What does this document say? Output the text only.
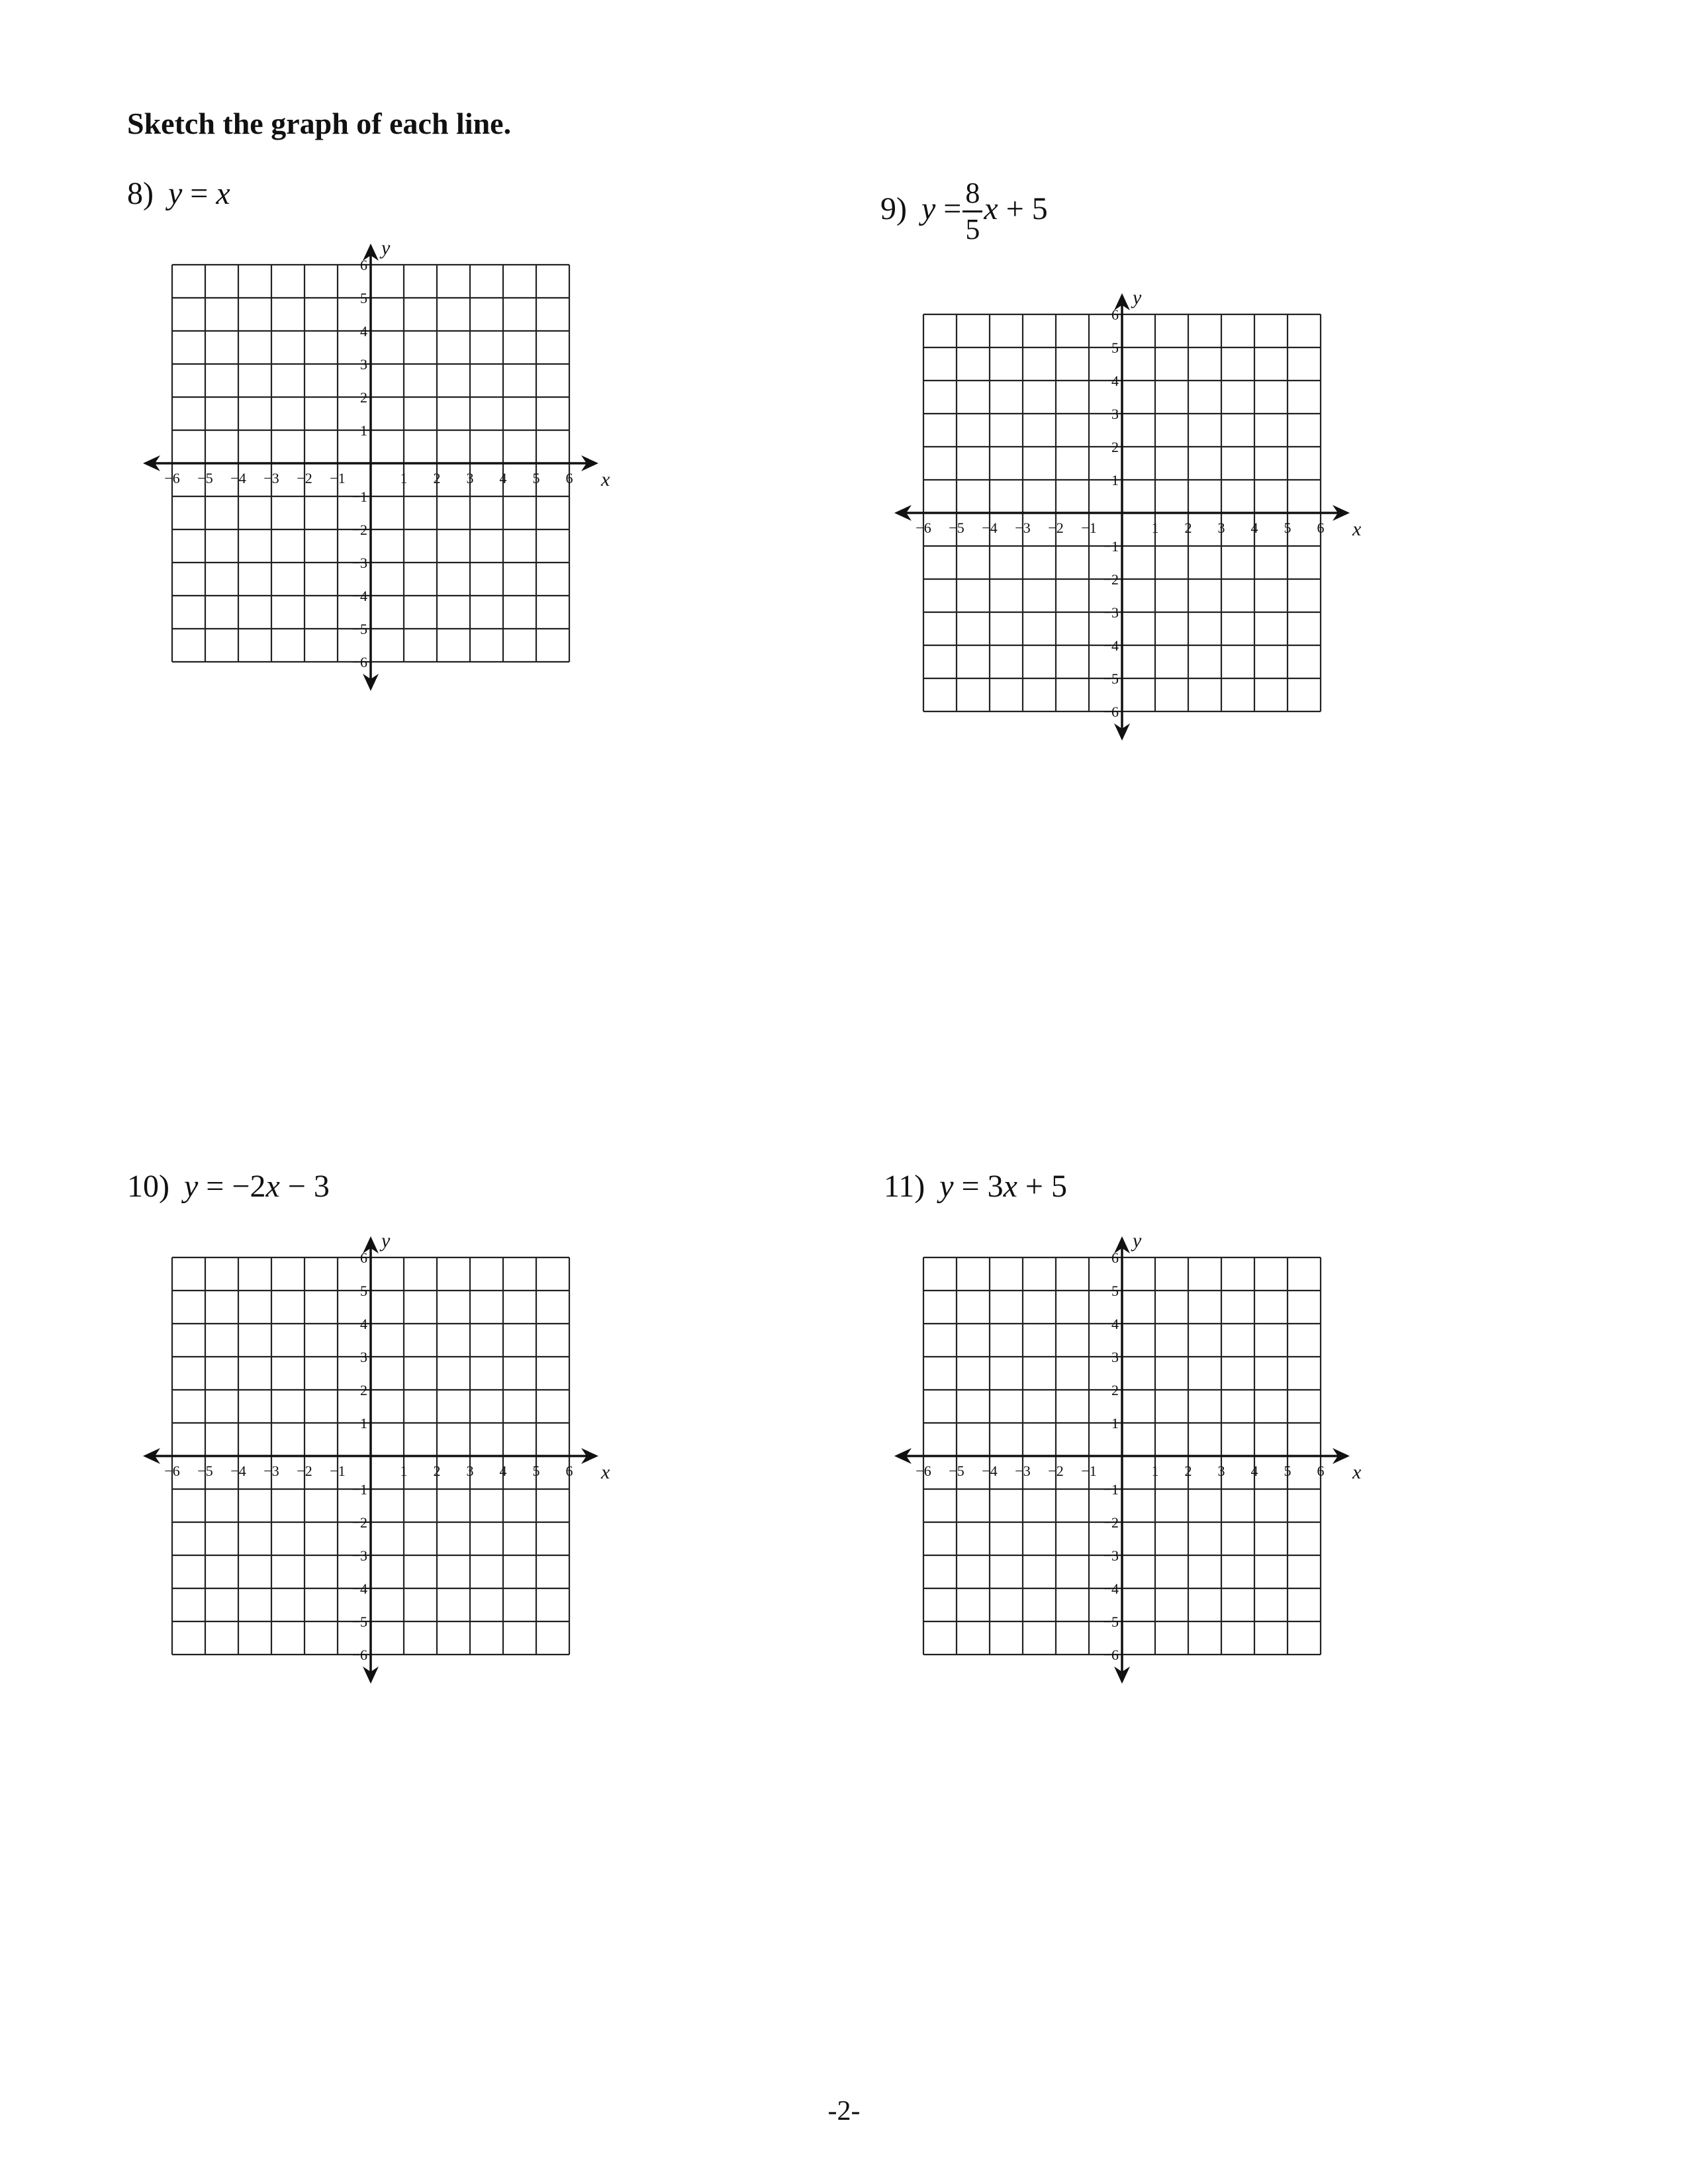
Sketch the graph of each line.
8) y = x	9) $y = \frac{8}{5}$ x + 5
10) y = −2x − 3	11) y = 3x + 5
−6 −5 −4 −3 −2 −1	1 2 3 4 5 6
−6
−5
−4
−3
−2
−1
1
2
3
4
5
6
x
y
−6 −5 −4 −3 −2 −1	1 2 3 4 5 6
−6
−5
−4
−3
−2
−1
1
2
3
4
5
6
x
y
−6 −5 −4 −3 −2 −1	1 2 3 4 5 6
−6
−5
−4
−3
−2
−1
1
2
3
4
5
6
x
y
−6 −5 −4 −3 −2 −1	1 2 3 4 5 6
−6
−5
−4
−3
−2
−1
1
2
3
4
5
6
x
y
-2-
